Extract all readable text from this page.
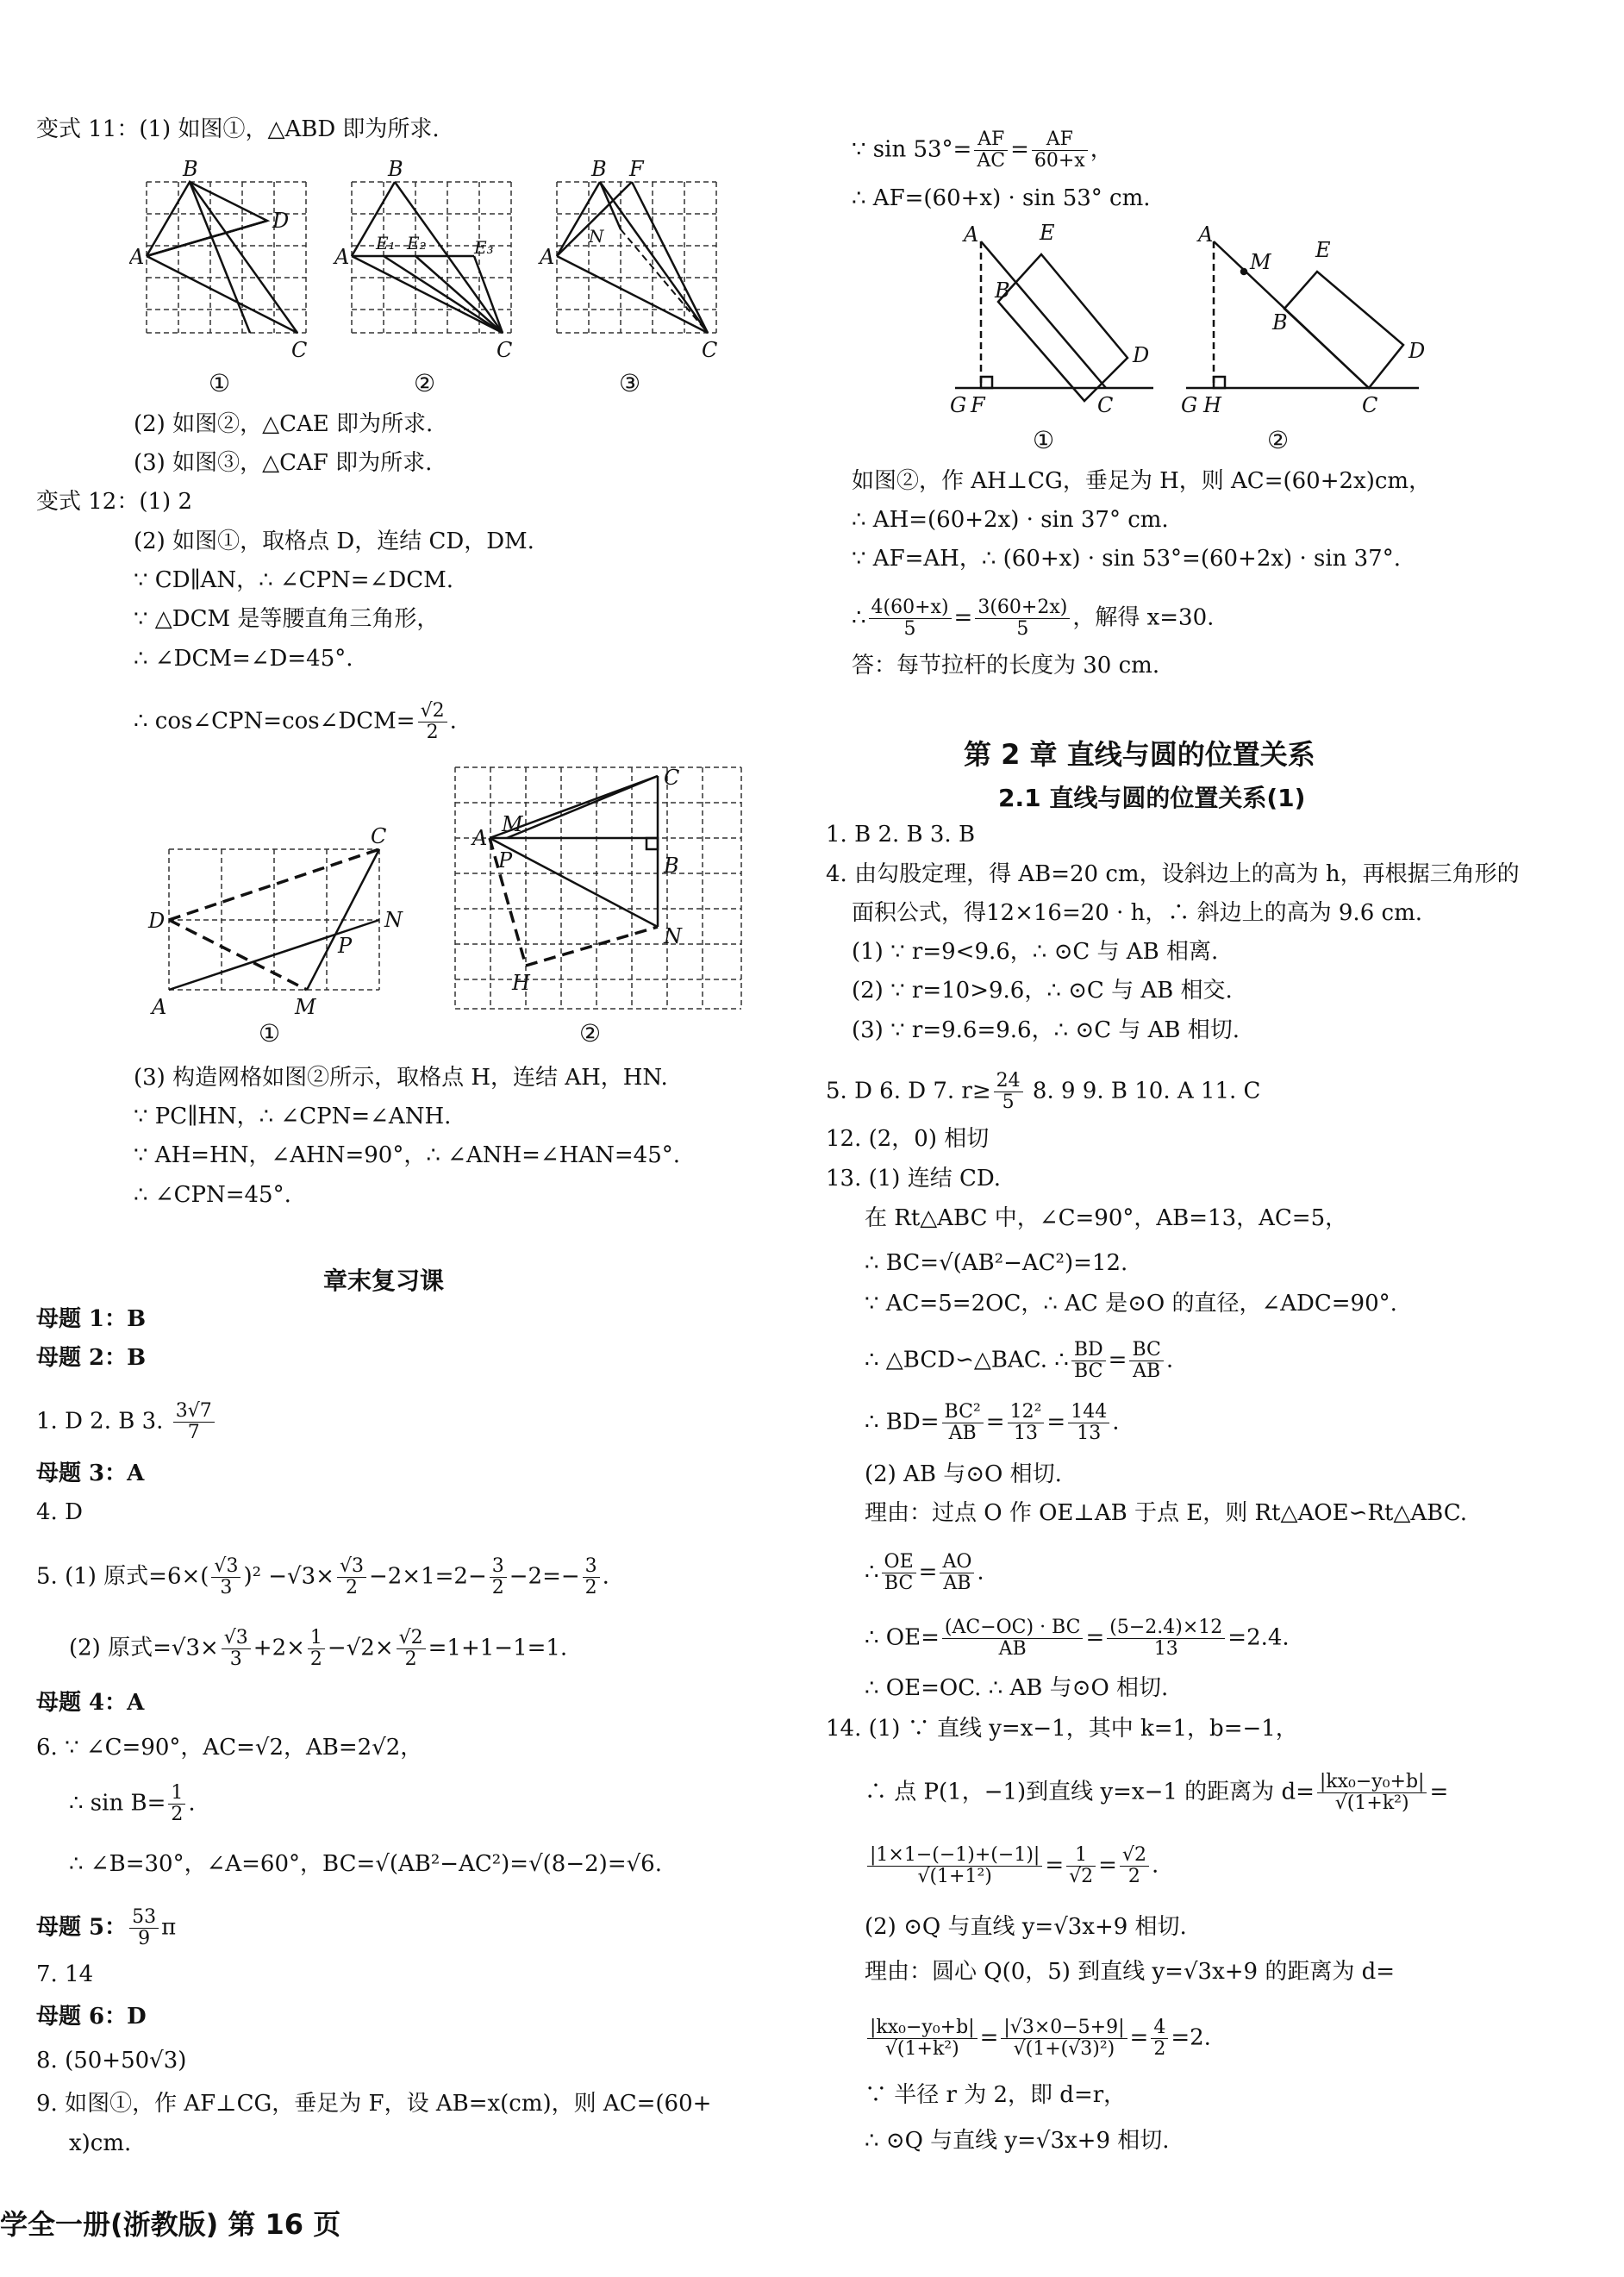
变式 11：(1) 如图①，△ABD 即为所求.
A
B
D
C
①
A
B
E₁ E₂	E₃
C
②
A
B F
N
C
③
(2) 如图②，△CAE 即为所求.
(3) 如图③，△CAF 即为所求.
变式 12：(1) 2
(2) 如图①，取格点 D，连结 CD，DM.
∵ CD∥AN，∴ ∠CPN=∠DCM.
∵ △DCM 是等腰直角三角形，
∴ ∠DCM=∠D=45°.
∴ cos∠CPN=cos∠DCM= $\frac{√2}{2}$ .
D
A	M
P
N
C
①
A
M
P
C
B
N
H
②
(3) 构造网格如图②所示，取格点 H，连结 AH，HN.
∵ PC∥HN，∴ ∠CPN=∠ANH.
∵ AH=HN，∠AHN=90°，∴ ∠ANH=∠HAN=45°.
∴ ∠CPN=45°.
章末复习课
母题 1：B
母题 2：B
1. D 2. B 3. $\frac{3√7}{7}$
母题 3：A
4. D
5. (1) 原式$=6\times( \frac{√3}{3} )^2 -√3\times \frac{√3}{2} -2\times 1=2- \frac{3}{2} -2=- \frac{3}{2}$ .
(2) 原式$=√3\times \frac{√3}{3} +2\times \frac{1}{2} -√2\times \frac{√2}{2} =1+1-1=1$.
母题 4：A
6. ∵ ∠C=90°，AC=√2，AB=2√2，
∴ $\sin B= \frac{1}{2}$ .
∴ ∠B=30°，∠A=60°，BC=√(AB²−AC²)=√(8−2)=√6.
母题 5： $\frac{53}{9}$ π
7. 14
母题 6：D
8. (50+50√3)
9. 如图①，作 AF⊥CG，垂足为 F，设 AB=x(cm)，则 AC=(60+
x)cm.
∵ $\sin 53^\circ= \frac{AF}{AC} = \frac{AF}{60+x}$ ，
∴ AF=(60+x) · sin 53° cm.
A
B
E
D
C
G F
①
A
M
B
E
D
C
G H
②
如图②，作 AH⊥CG，垂足为 H，则 AC=(60+2x)cm，
∴ AH=(60+2x) · sin 37° cm.
∵ AF=AH，∴ (60+x) · sin 53°=(60+2x) · sin 37°.
∴ $\frac{4(60+x)}{5} = \frac{3(60+2x)}{5}$ ，解得 x=30.
答：每节拉杆的长度为 30 cm.
第 2 章 直线与圆的位置关系
2.1 直线与圆的位置关系(1)
1. B 2. B 3. B
4. 由勾股定理，得 AB=20 cm，设斜边上的高为 h，再根据三角形的
面积公式，得12×16=20 · h，∴ 斜边上的高为 9.6 cm.
(1) ∵ r=9<9.6，∴ ⊙C 与 AB 相离.
(2) ∵ r=10>9.6，∴ ⊙C 与 AB 相交.
(3) ∵ r=9.6=9.6，∴ ⊙C 与 AB 相切.
5. D 6. D 7. $r\ge \frac{24}{5} 8$. 9 9. B 10. A 11. C
12. (2，0) 相切
13. (1) 连结 CD.
在 Rt△ABC 中，∠C=90°，AB=13，AC=5，
∴ BC=√(AB²−AC²)=12.
∵ AC=5=2OC，∴ AC 是⊙O 的直径，∠ADC=90°.
∴ △BCD∽△BAC. ∴ $\frac{BD}{BC} = \frac{BC}{AB}$ .
∴ $BD= \frac{\text{BC²}}{AB} = \frac{\text{12²}}{13} = \frac{144}{13}$ .
(2) AB 与⊙O 相切.
理由：过点 O 作 OE⊥AB 于点 E，则 Rt△AOE∽Rt△ABC.
∴ $\frac{OE}{BC} = \frac{AO}{AB}$ .
∴ $OE= \frac{(AC-OC) \cdot BC}{AB} = \frac{(5-2.4)\times 12}{13} =2.4$.
∴ OE=OC. ∴ AB 与⊙O 相切.
14. (1) ∵ 直线 y=x−1，其中 k=1，b=−1，
∴ 点 P(1，−1)到直线 y=x−1 的距离为 $d= \frac{\text{|kx₀−y₀+b|}}{\text{√(1+k²)}}$ =
$\frac{|1\times 1-(-1)+(-1)|}{\text{√(1+1²)}} = \frac{1}{√2} = \frac{√2}{2}$ .
(2) ⊙Q 与直线 y=√3x+9 相切.
理由：圆心 Q(0，5) 到直线 y=√3x+9 的距离为 d=
$\frac{\text{|kx₀−y₀+b|}}{\text{√(1+k²)}} = \frac{|√3\times 0-5+9|}{\text{√(1+(√3)²)}} = \frac{4}{2} =2$.
∵ 半径 r 为 2，即 d=r，
∴ ⊙Q 与直线 y=√3x+9 相切.
学全一册(浙教版) 第 16 页
